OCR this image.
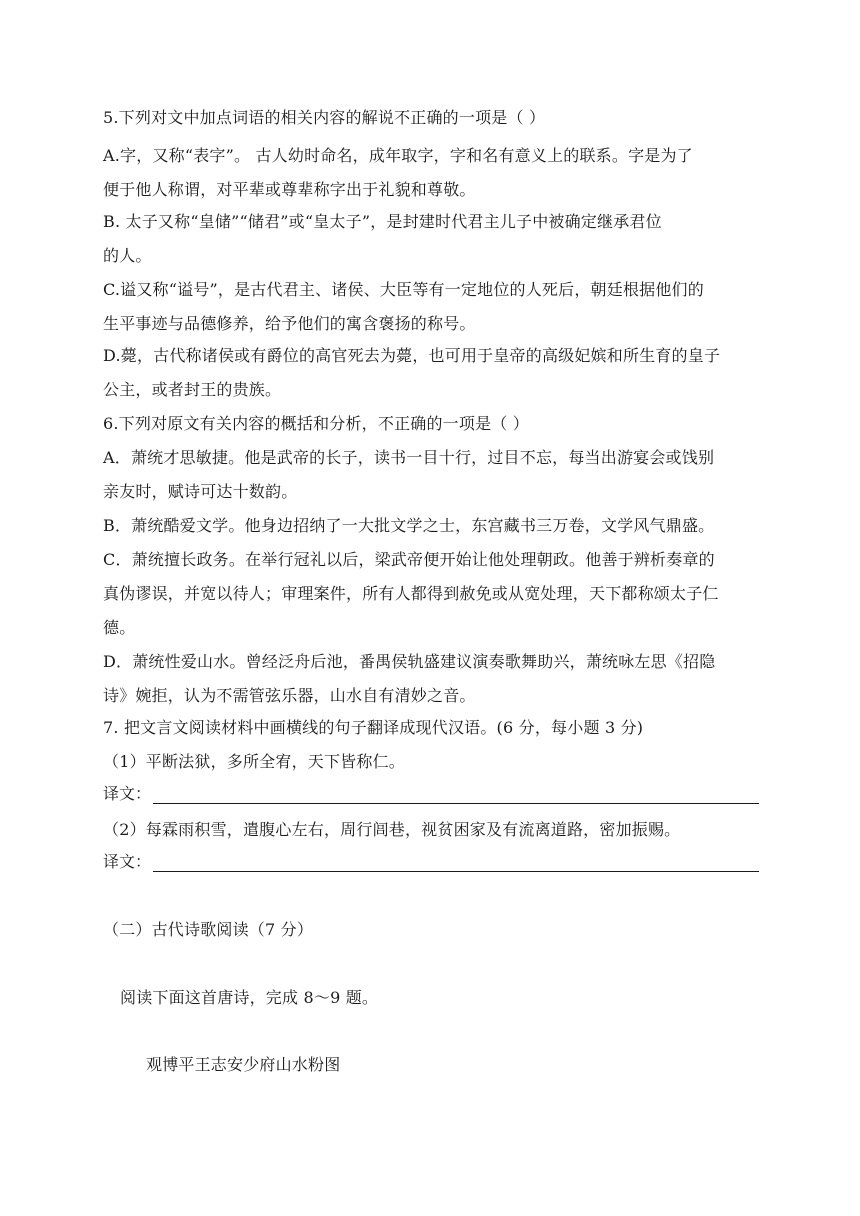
5.下列对文中加点词语的相关内容的解说不正确的一项是（ ）
A.字，又称“表字”。 古人幼时命名，成年取字，字和名有意义上的联系。字是为了
便于他人称谓，对平辈或尊辈称字出于礼貌和尊敬。
B. 太子又称“皇储”“储君”或“皇太子”，是封建时代君主儿子中被确定继承君位
的人。
C.谥又称“谥号”，是古代君主、诸侯、大臣等有一定地位的人死后，朝廷根据他们的
生平事迹与品德修养，给予他们的寓含褒扬的称号。
D.薨，古代称诸侯或有爵位的高官死去为薨，也可用于皇帝的高级妃嫔和所生育的皇子
公主，或者封王的贵族。
6.下列对原文有关内容的概括和分析，不正确的一项是（ ）
A．萧统才思敏捷。他是武帝的长子，读书一目十行，过目不忘，每当出游宴会或饯别
亲友时，赋诗可达十数韵。
B．萧统酷爱文学。他身边招纳了一大批文学之士，东宫藏书三万卷，文学风气鼎盛。
C．萧统擅长政务。在举行冠礼以后，梁武帝便开始让他处理朝政。他善于辨析奏章的
真伪谬误，并宽以待人；审理案件，所有人都得到赦免或从宽处理，天下都称颂太子仁
德。
D．萧统性爱山水。曾经泛舟后池，番禺侯轨盛建议演奏歌舞助兴，萧统咏左思《招隐
诗》婉拒，认为不需管弦乐器，山水自有清妙之音。
7. 把文言文阅读材料中画横线的句子翻译成现代汉语。(6 分，每小题 3 分)
（1）平断法狱，多所全宥，天下皆称仁。
译文：
（2）每霖雨积雪，遣腹心左右，周行闾巷，视贫困家及有流离道路，密加振赐。
译文：
（二）古代诗歌阅读（7 分）
阅读下面这首唐诗，完成 8～9 题。
观博平王志安少府山水粉图
